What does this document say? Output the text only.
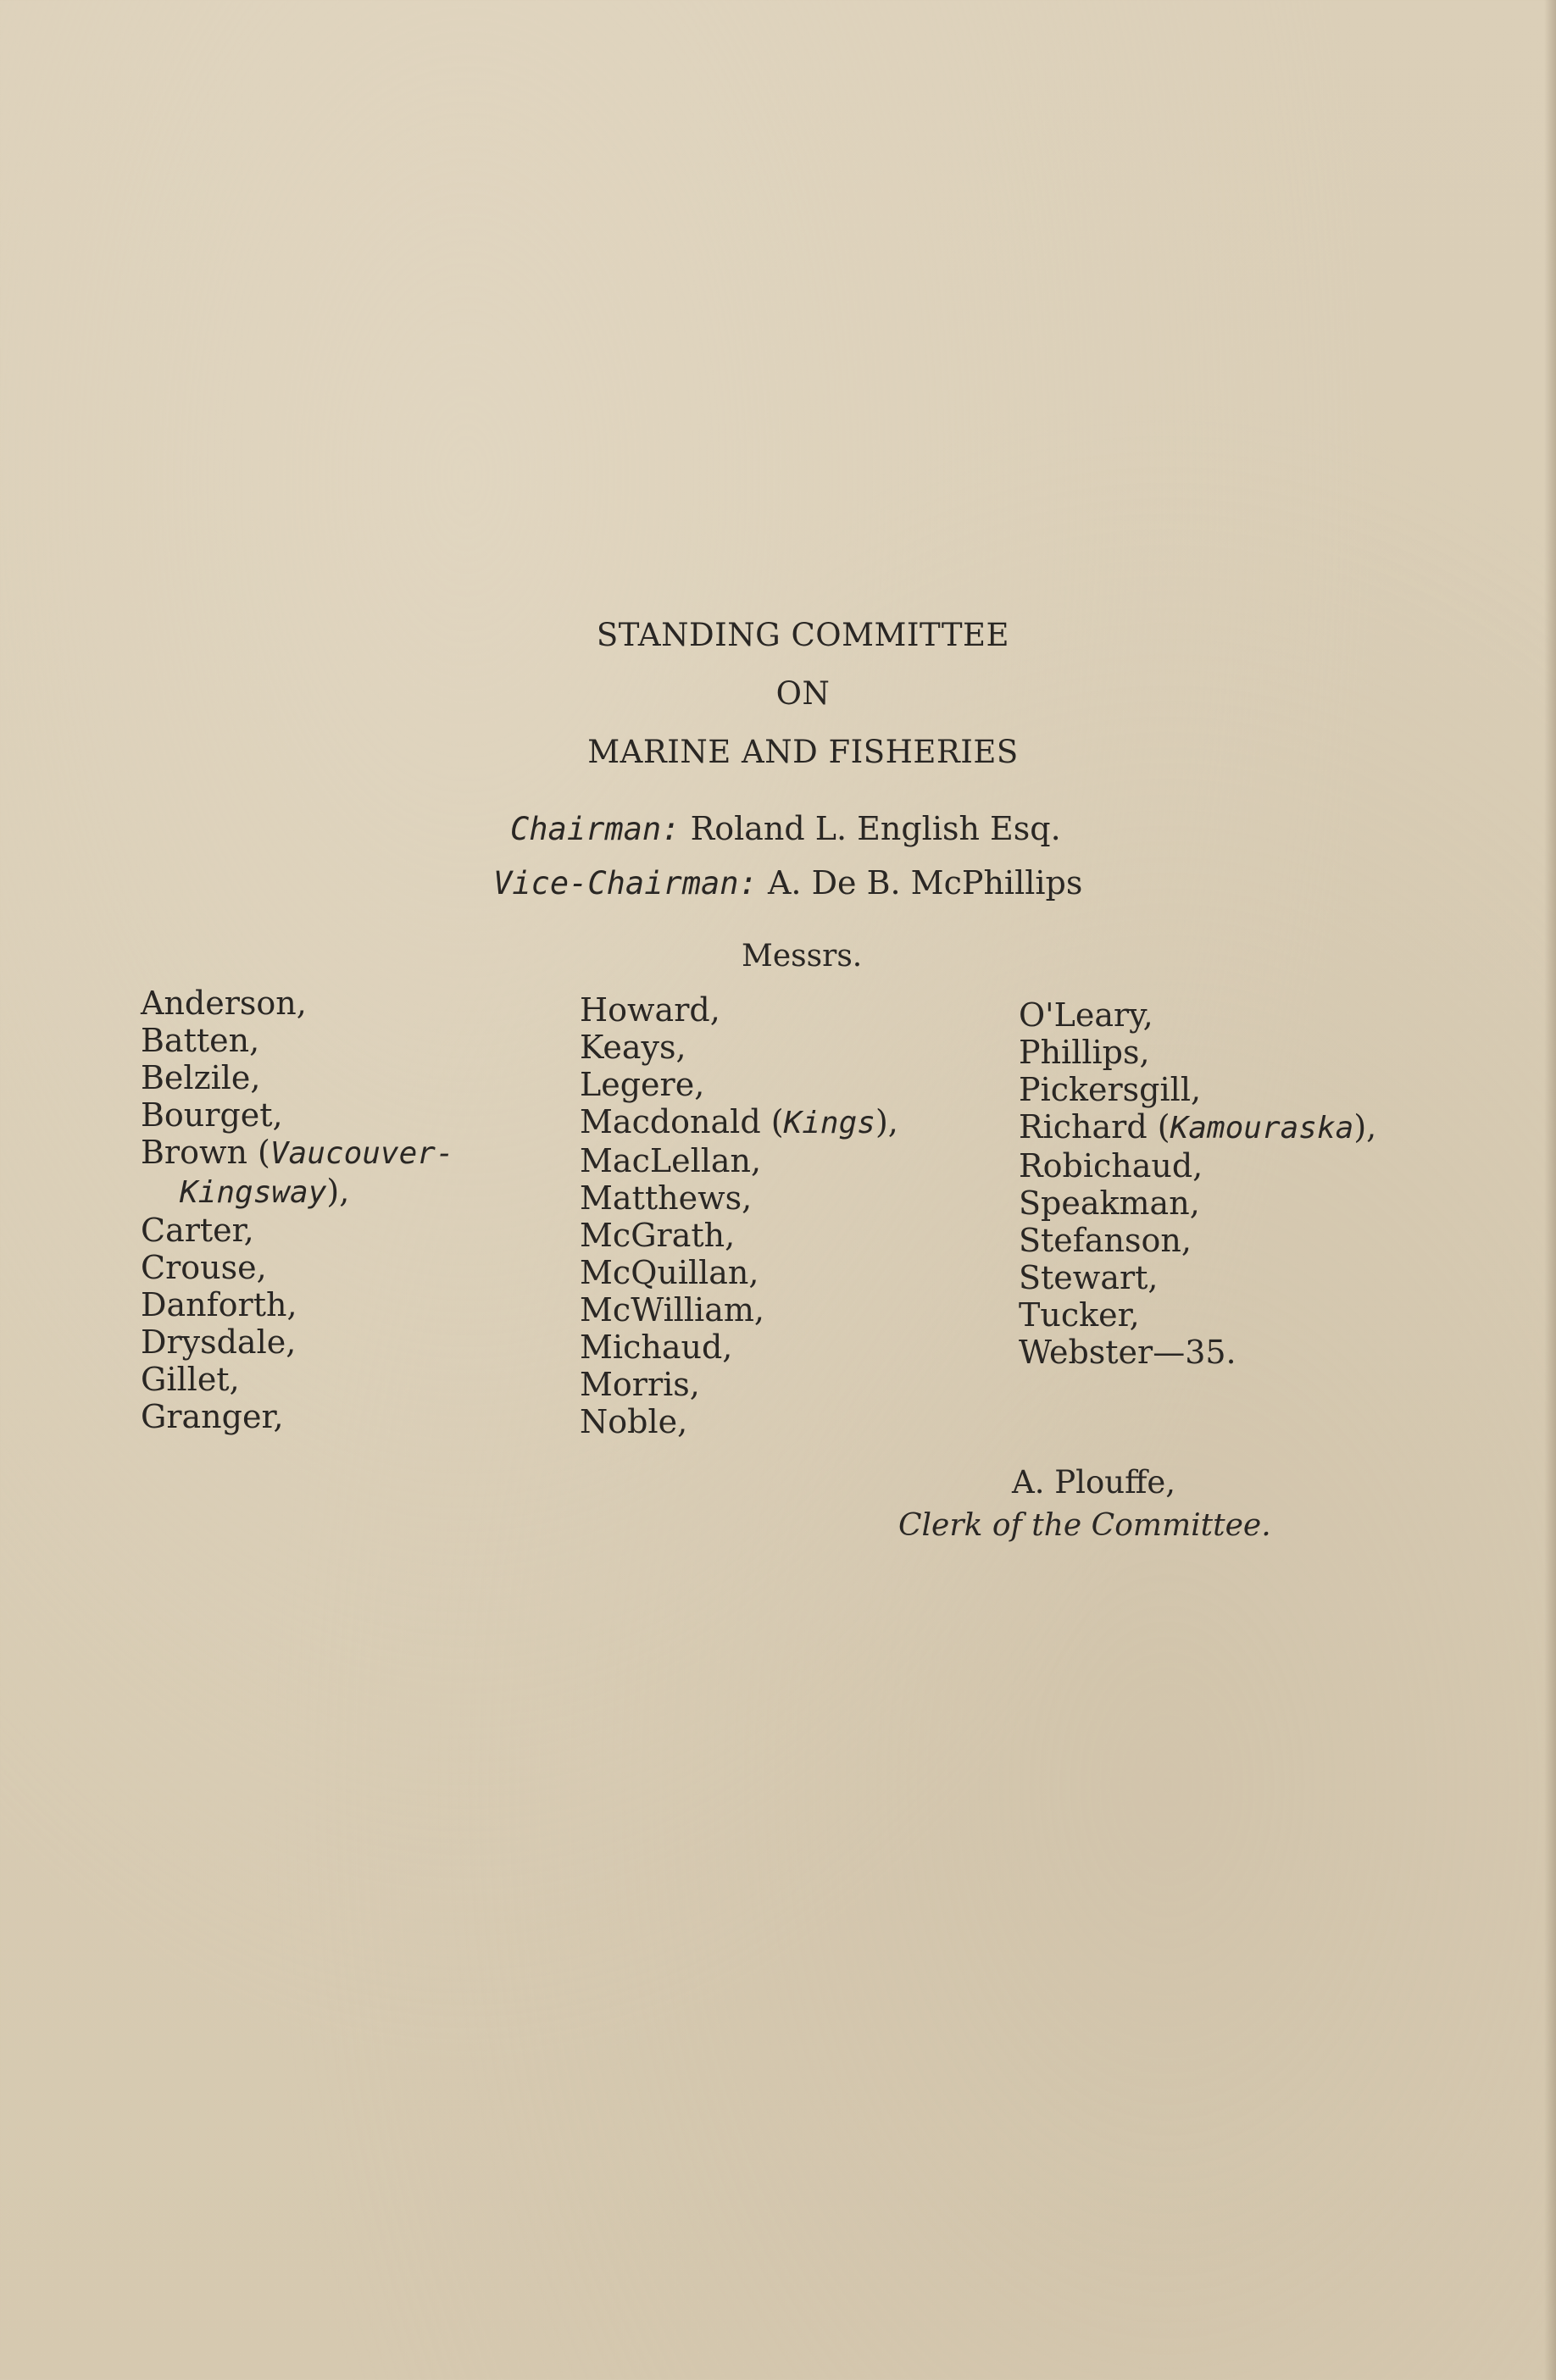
STANDING COMMITTEE
ON
MARINE AND FISHERIES
Chairman: Roland L. English Esq.
Vice-Chairman: A. De B. McPhillips
Messrs.
Anderson,
Batten,
Belzile,
Bourget,
Brown (Vaucouver-
Kingsway),
Carter,
Crouse,
Danforth,
Drysdale,
Gillet,
Granger,
Howard,
Keays,
Legere,
Macdonald (Kings),
MacLellan,
Matthews,
McGrath,
McQuillan,
McWilliam,
Michaud,
Morris,
Noble,
O'Leary,
Phillips,
Pickersgill,
Richard (Kamouraska),
Robichaud,
Speakman,
Stefanson,
Stewart,
Tucker,
Webster—35.
A. Plouffe,
Clerk of the Committee.
